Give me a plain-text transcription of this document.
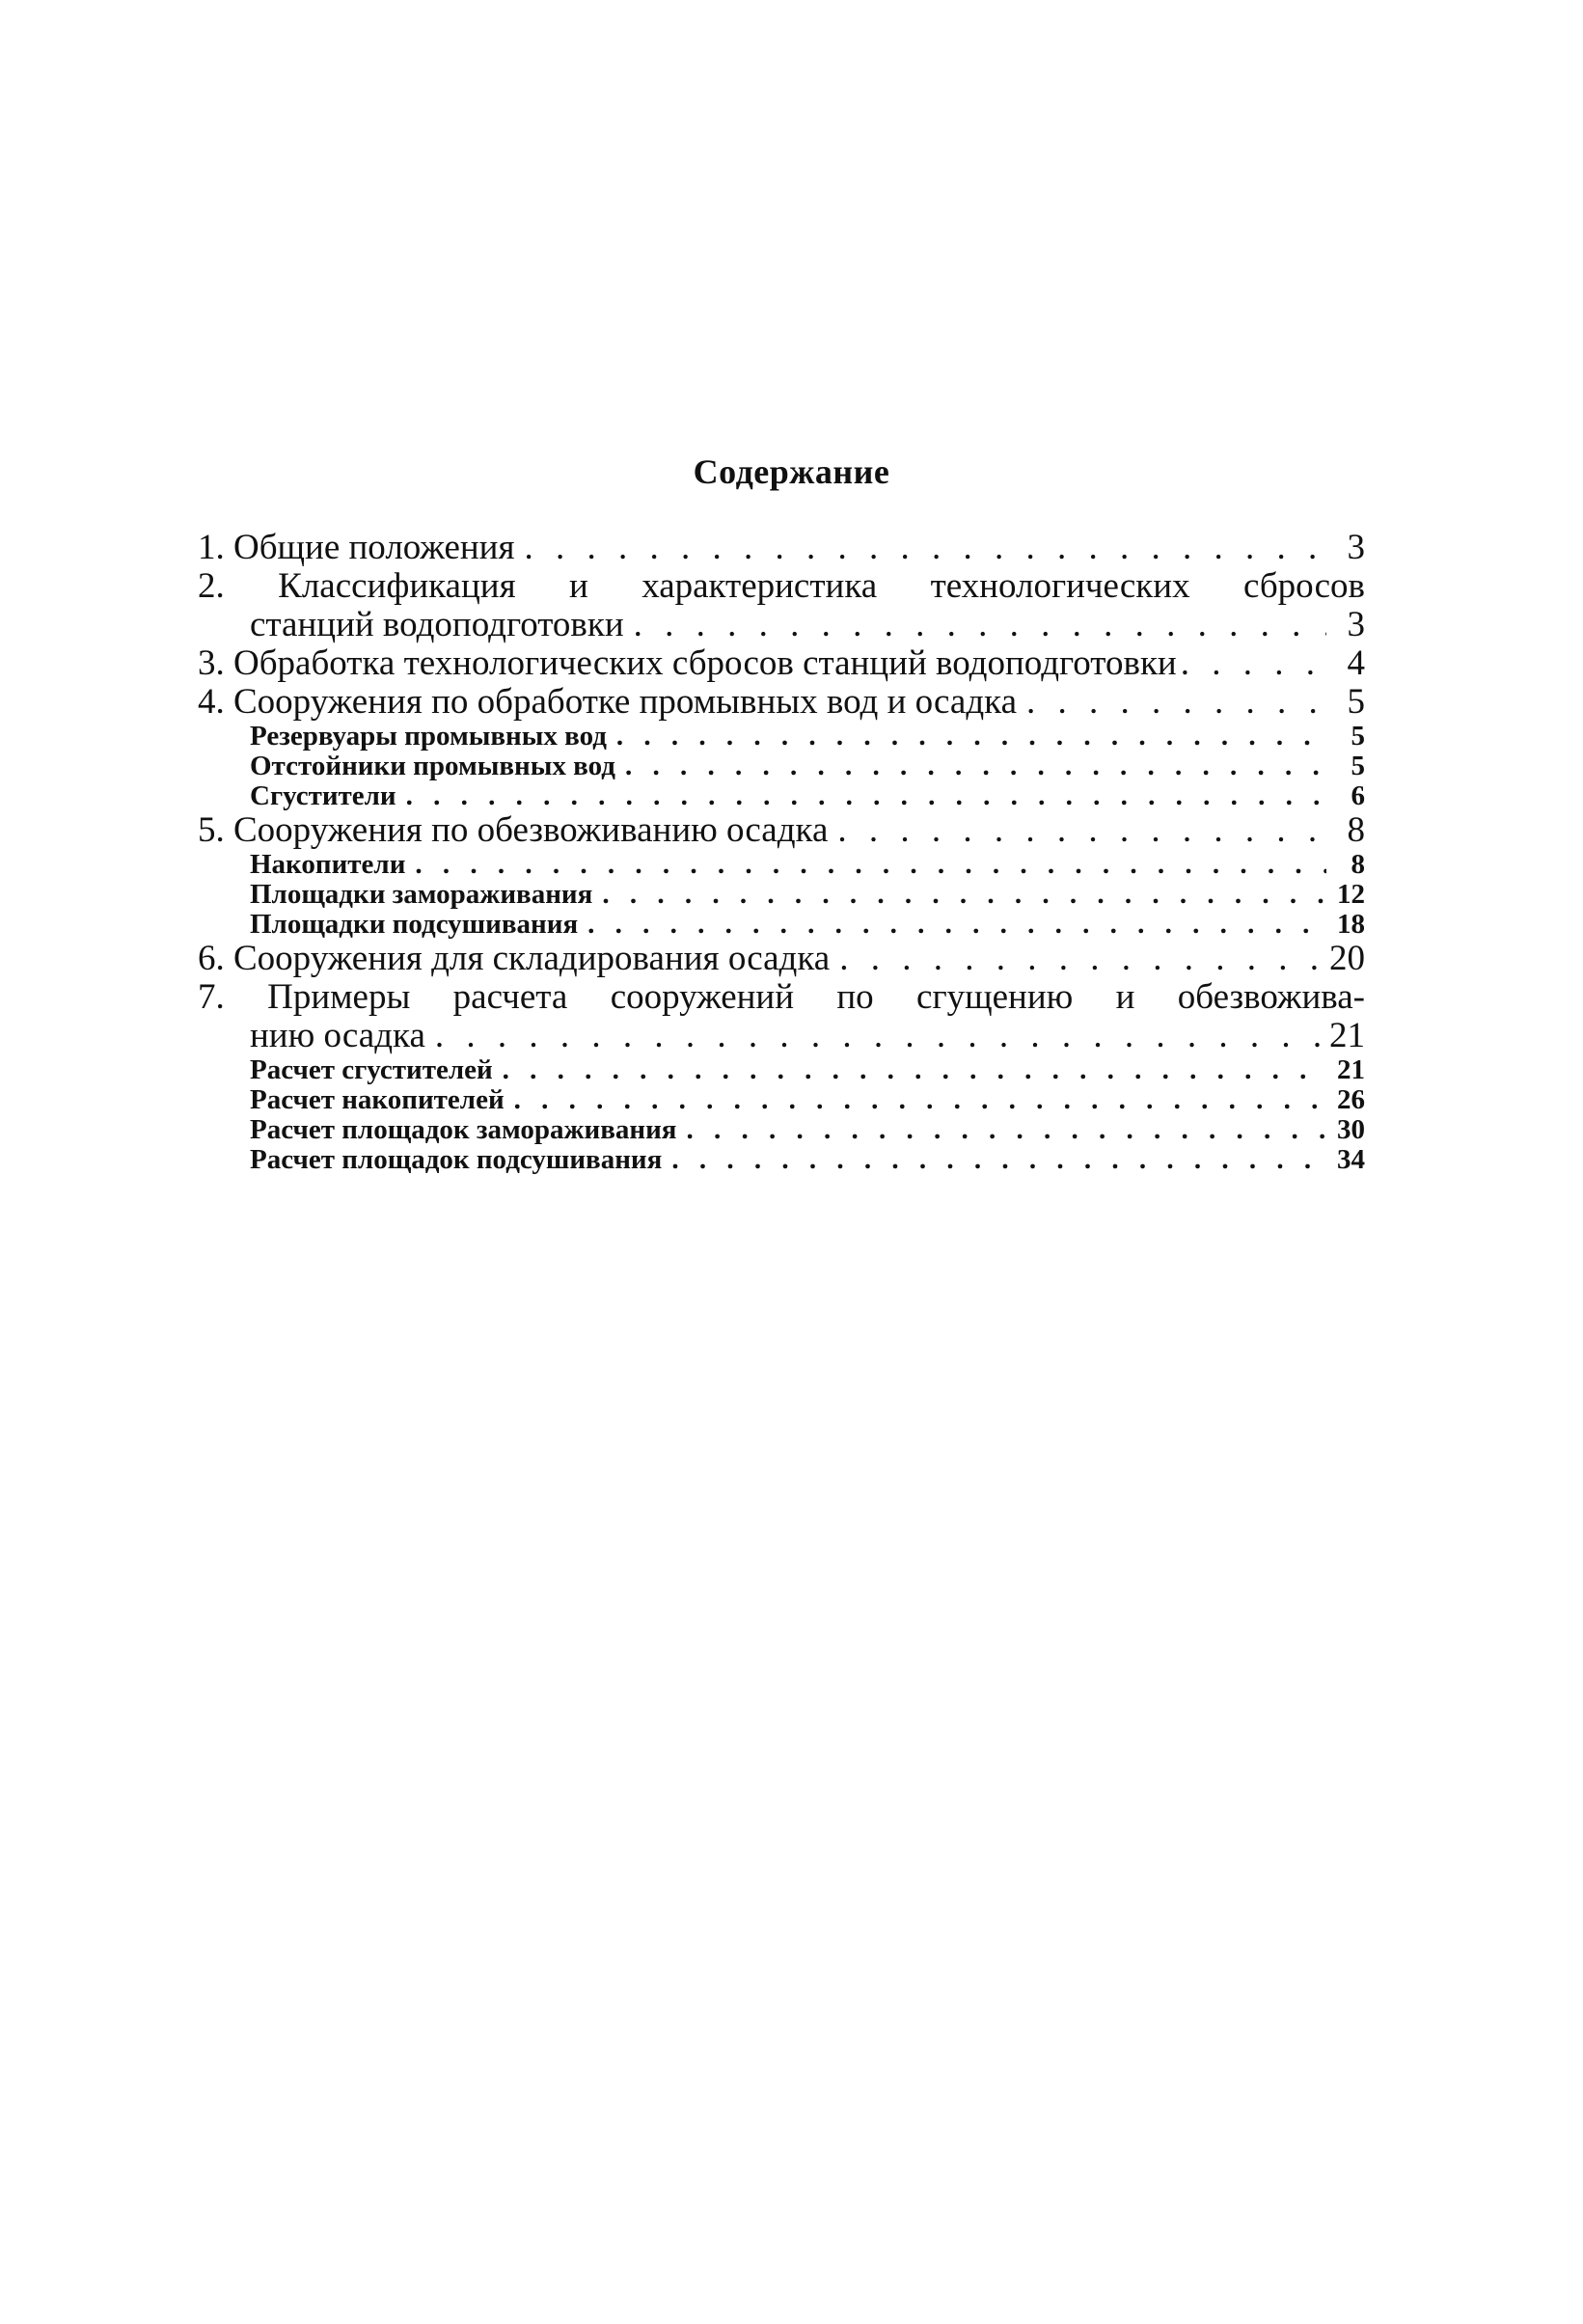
Содержание
1. Общие положения . . .	3
2. Классификация и характеристика технологических сбросов
станций водоподготовки . . .	3
3. Обработка технологических сбросов станций водоподготовки . . .	4
4. Сооружения по обработке промывных вод и осадка . . .	5
Резервуары промывных вод . . .	5
Отстойники промывных вод . . .	5
Сгустители . . .	6
5. Сооружения по обезвоживанию осадка . . .	8
Накопители . . .	8
Площадки замораживания . . .	12
Площадки подсушивания . . .	18
6. Сооружения для складирования осадка . . .	20
7. Примеры расчета сооружений по сгущению и обезвожива-
нию осадка . . .	21
Расчет сгустителей . . .	21
Расчет накопителей . . .	26
Расчет площадок замораживания . . .	30
Расчет площадок подсушивания . . .	34
